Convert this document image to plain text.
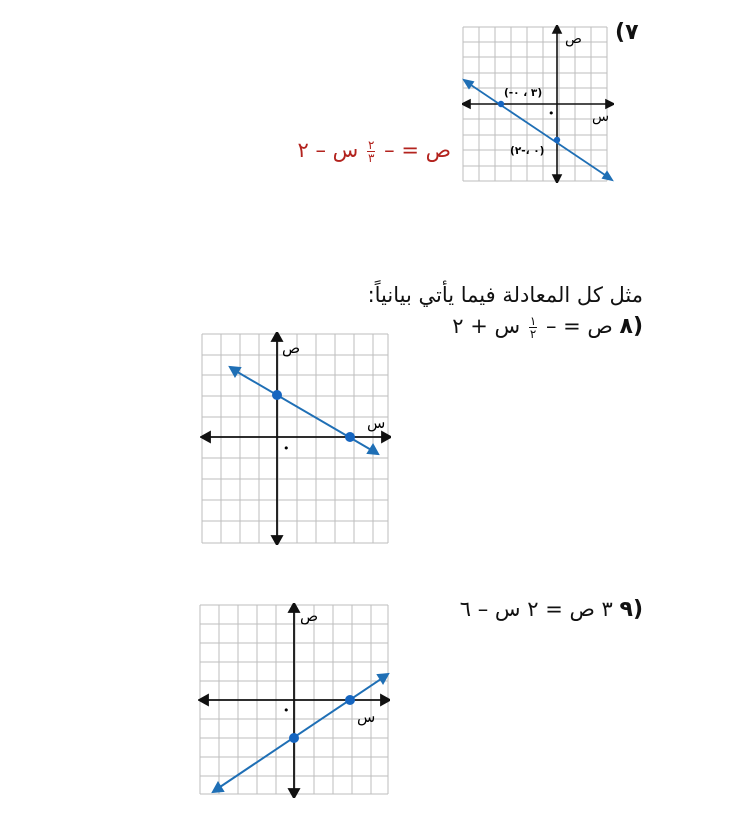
(٧
ص
س
•
(-٣ ، ٠)
(٠ ،-٢)
ص = –
$\frac{٢}{٣}$
س – ٢
مثل كل المعادلة فيما يأتي بيانياً:
(٨ ص = –
$\frac{١}{٢}$
س + ٢
ص
س
•
(٩ ٣ ص = ٢ س – ٦
ص
س
•
